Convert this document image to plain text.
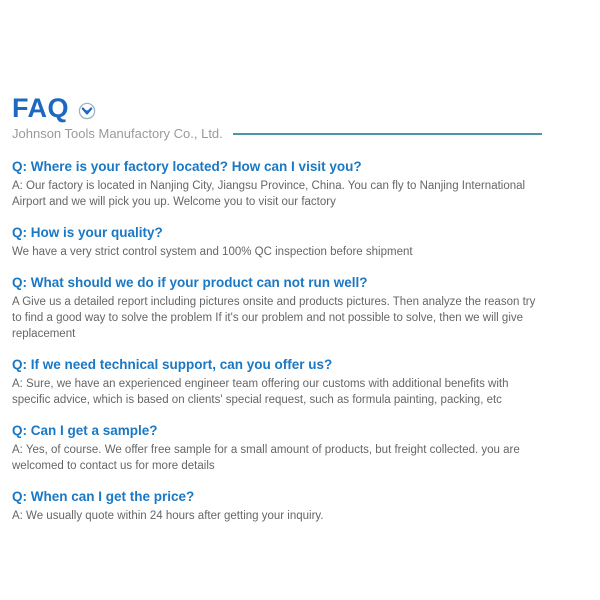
FAQ
Johnson Tools Manufactory Co., Ltd.
Q: Where is your factory located? How can I visit you?
A: Our factory is located in Nanjing City, Jiangsu Province, China. You can fly to Nanjing International Airport and we will pick you up. Welcome you to visit our factory
Q: How is your quality?
We have a very strict control system and 100% QC inspection before shipment
Q: What should we do if your product can not run well?
A Give us a detailed report including pictures onsite and products pictures. Then analyze the reason try to find a good way to solve the problem If it's our problem and not possible to solve, then we will give replacement
Q: If we need technical support, can you offer us?
A: Sure, we have an experienced engineer team offering our customs with additional benefits with specific advice, which is based on clients' special request, such as formula painting, packing, etc
Q: Can I get a sample?
A: Yes, of course. We offer free sample for a small amount of products, but freight collected. you are welcomed to contact us for more details
Q: When can I get the price?
A: We usually quote within 24 hours after getting your inquiry.
